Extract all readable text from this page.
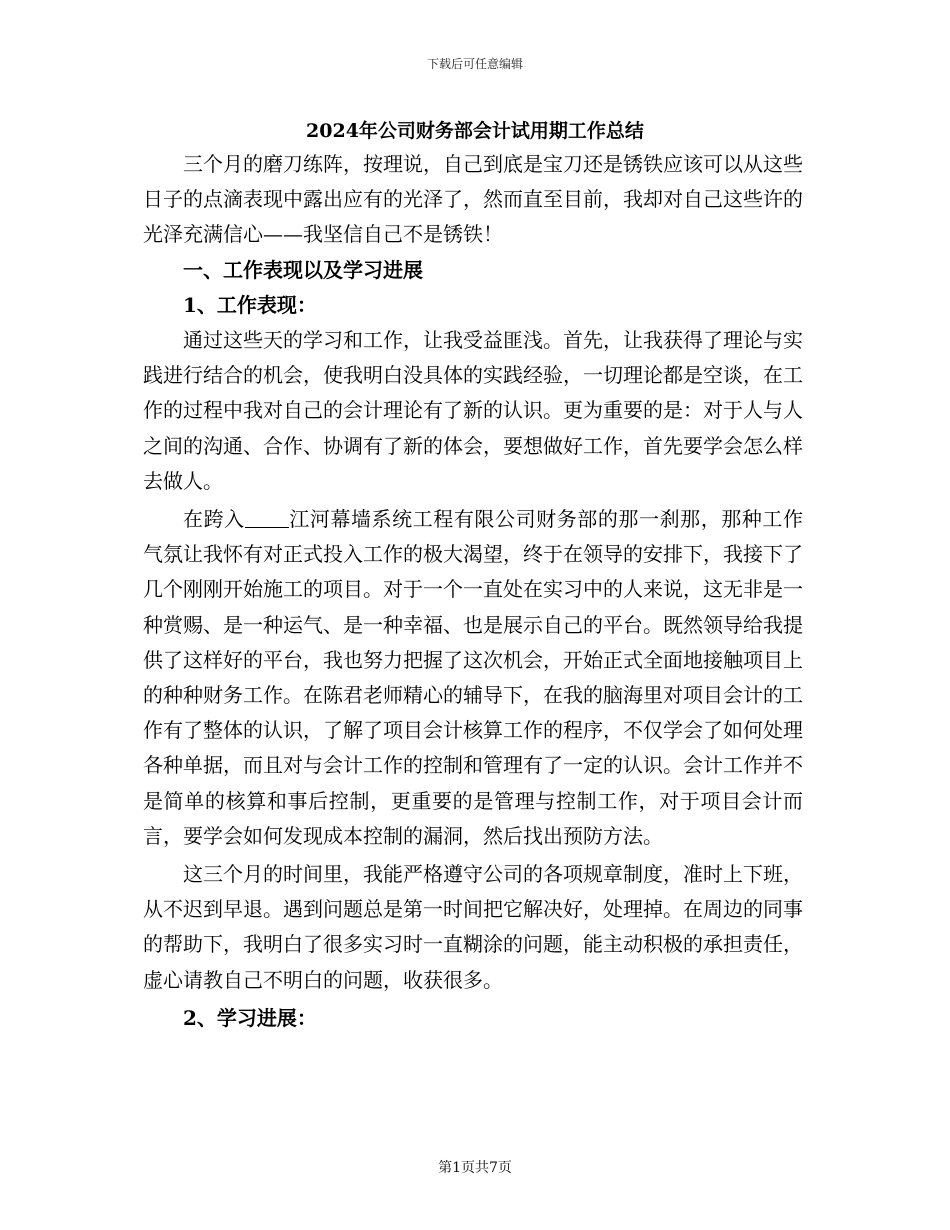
下载后可任意编辑
2024年公司财务部会计试用期工作总结

三个月的磨刀练阵，按理说，自己到底是宝刀还是锈铁应该可以从这些日子的点滴表现中露出应有的光泽了，然而直至目前，我却对自己这些许的光泽充满信心——我坚信自己不是锈铁！

一、工作表现以及学习进展
1、工作表现：

通过这些天的学习和工作，让我受益匪浅。首先，让我获得了理论与实践进行结合的机会，使我明白没具体的实践经验，一切理论都是空谈，在工作的过程中我对自己的会计理论有了新的认识。更为重要的是：对于人与人之间的沟通、合作、协调有了新的体会，要想做好工作，首先要学会怎么样去做人。

在跨入 江河幕墙系统工程有限公司财务部的那一刹那，那种工作气氛让我怀有对正式投入工作的极大渴望，终于在领导的安排下，我接下了几个刚刚开始施工的项目。对于一个一直处在实习中的人来说，这无非是一种赏赐、是一种运气、是一种幸福、也是展示自己的平台。既然领导给我提供了这样好的平台，我也努力把握了这次机会，开始正式全面地接触项目上的种种财务工作。在陈君老师精心的辅导下，在我的脑海里对项目会计的工作有了整体的认识，了解了项目会计核算工作的程序，不仅学会了如何处理各种单据，而且对与会计工作的控制和管理有了一定的认识。会计工作并不是简单的核算和事后控制，更重要的是管理与控制工作，对于项目会计而言，要学会如何发现成本控制的漏洞，然后找出预防方法。

这三个月的时间里，我能严格遵守公司的各项规章制度，准时上下班，从不迟到早退。遇到问题总是第一时间把它解决好，处理掉。在周边的同事的帮助下，我明白了很多实习时一直糊涂的问题，能主动积极的承担责任，虚心请教自己不明白的问题，收获很多。

2、学习进展：
第1页共7页
